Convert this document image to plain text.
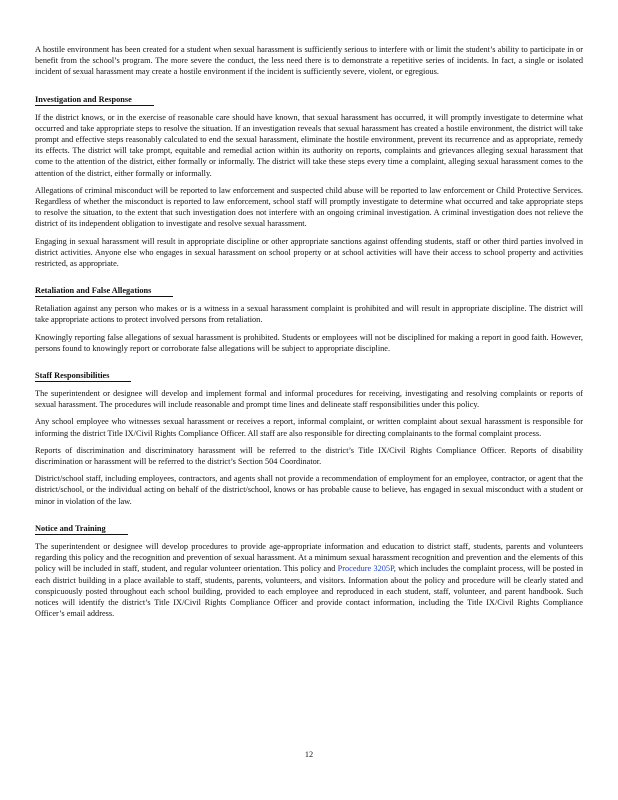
A hostile environment has been created for a student when sexual harassment is sufficiently serious to interfere with or limit the student’s ability to participate in or benefit from the school’s program. The more severe the conduct, the less need there is to demonstrate a repetitive series of incidents. In fact, a single or isolated incident of sexual harassment may create a hostile environment if the incident is sufficiently severe, violent, or egregious.

Investigation and Response

If the district knows, or in the exercise of reasonable care should have known, that sexual harassment has occurred, it will promptly investigate to determine what occurred and take appropriate steps to resolve the situation. If an investigation reveals that sexual harassment has created a hostile environment, the district will take prompt and effective steps reasonably calculated to end the sexual harassment, eliminate the hostile environment, prevent its recurrence and as appropriate, remedy its effects. The district will take prompt, equitable and remedial action within its authority on reports, complaints and grievances alleging sexual harassment that come to the attention of the district, either formally or informally. The district will take these steps every time a complaint, alleging sexual harassment comes to the attention of the district, either formally or informally.

Allegations of criminal misconduct will be reported to law enforcement and suspected child abuse will be reported to law enforcement or Child Protective Services. Regardless of whether the misconduct is reported to law enforcement, school staff will promptly investigate to determine what occurred and take appropriate steps to resolve the situation, to the extent that such investigation does not interfere with an ongoing criminal investigation. A criminal investigation does not relieve the district of its independent obligation to investigate and resolve sexual harassment.

Engaging in sexual harassment will result in appropriate discipline or other appropriate sanctions against offending students, staff or other third parties involved in district activities. Anyone else who engages in sexual harassment on school property or at school activities will have their access to school property and activities restricted, as appropriate.

Retaliation and False Allegations

Retaliation against any person who makes or is a witness in a sexual harassment complaint is prohibited and will result in appropriate discipline. The district will take appropriate actions to protect involved persons from retaliation.

Knowingly reporting false allegations of sexual harassment is prohibited. Students or employees will not be disciplined for making a report in good faith. However, persons found to knowingly report or corroborate false allegations will be subject to appropriate discipline.

Staff Responsibilities

The superintendent or designee will develop and implement formal and informal procedures for receiving, investigating and resolving complaints or reports of sexual harassment. The procedures will include reasonable and prompt time lines and delineate staff responsibilities under this policy.

Any school employee who witnesses sexual harassment or receives a report, informal complaint, or written complaint about sexual harassment is responsible for informing the district Title IX/Civil Rights Compliance Officer. All staff are also responsible for directing complainants to the formal complaint process.

Reports of discrimination and discriminatory harassment will be referred to the district’s Title IX/Civil Rights Compliance Officer. Reports of disability discrimination or harassment will be referred to the district’s Section 504 Coordinator.

District/school staff, including employees, contractors, and agents shall not provide a recommendation of employment for an employee, contractor, or agent that the district/school, or the individual acting on behalf of the district/school, knows or has probable cause to believe, has engaged in sexual misconduct with a student or minor in violation of the law.

Notice and Training

The superintendent or designee will develop procedures to provide age-appropriate information and education to district staff, students, parents and volunteers regarding this policy and the recognition and prevention of sexual harassment. At a minimum sexual harassment recognition and prevention and the elements of this policy will be included in staff, student, and regular volunteer orientation. This policy and Procedure 3205P, which includes the complaint process, will be posted in each district building in a place available to staff, students, parents, volunteers, and visitors. Information about the policy and procedure will be clearly stated and conspicuously posted throughout each school building, provided to each employee and reproduced in each student, staff, volunteer, and parent handbook. Such notices will identify the district’s Title IX/Civil Rights Compliance Officer and provide contact information, including the Title IX/Civil Rights Compliance Officer’s email address.

12
